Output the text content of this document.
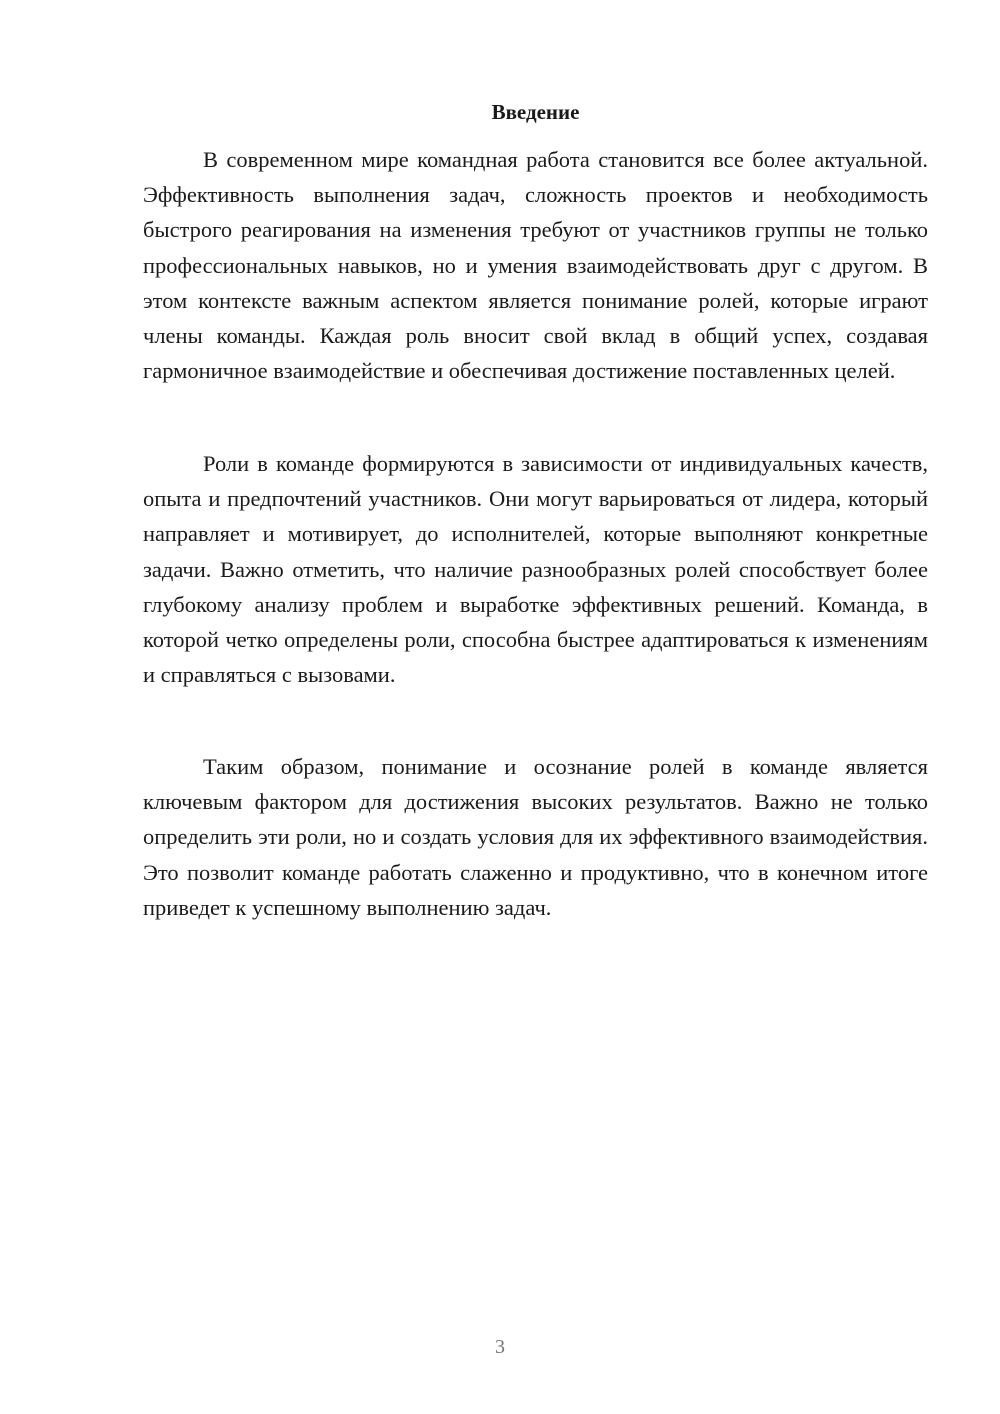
Введение

В современном мире командная работа становится все более актуальной. Эффективность выполнения задач, сложность проектов и необходимость быстрого реагирования на изменения требуют от участников группы не только профессиональных навыков, но и умения взаимодействовать друг с другом. В этом контексте важным аспектом является понимание ролей, которые играют члены команды. Каждая роль вносит свой вклад в общий успех, создавая гармоничное взаимодействие и обеспечивая достижение поставленных целей.

Роли в команде формируются в зависимости от индивидуальных качеств, опыта и предпочтений участников. Они могут варьироваться от лидера, который направляет и мотивирует, до исполнителей, которые выполняют конкретные задачи. Важно отметить, что наличие разнообразных ролей способствует более глубокому анализу проблем и выработке эффективных решений. Команда, в которой четко определены роли, способна быстрее адаптироваться к изменениям и справляться с вызовами.

Таким образом, понимание и осознание ролей в команде является ключевым фактором для достижения высоких результатов. Важно не только определить эти роли, но и создать условия для их эффективного взаимодействия. Это позволит команде работать слаженно и продуктивно, что в конечном итоге приведет к успешному выполнению задач.

3
